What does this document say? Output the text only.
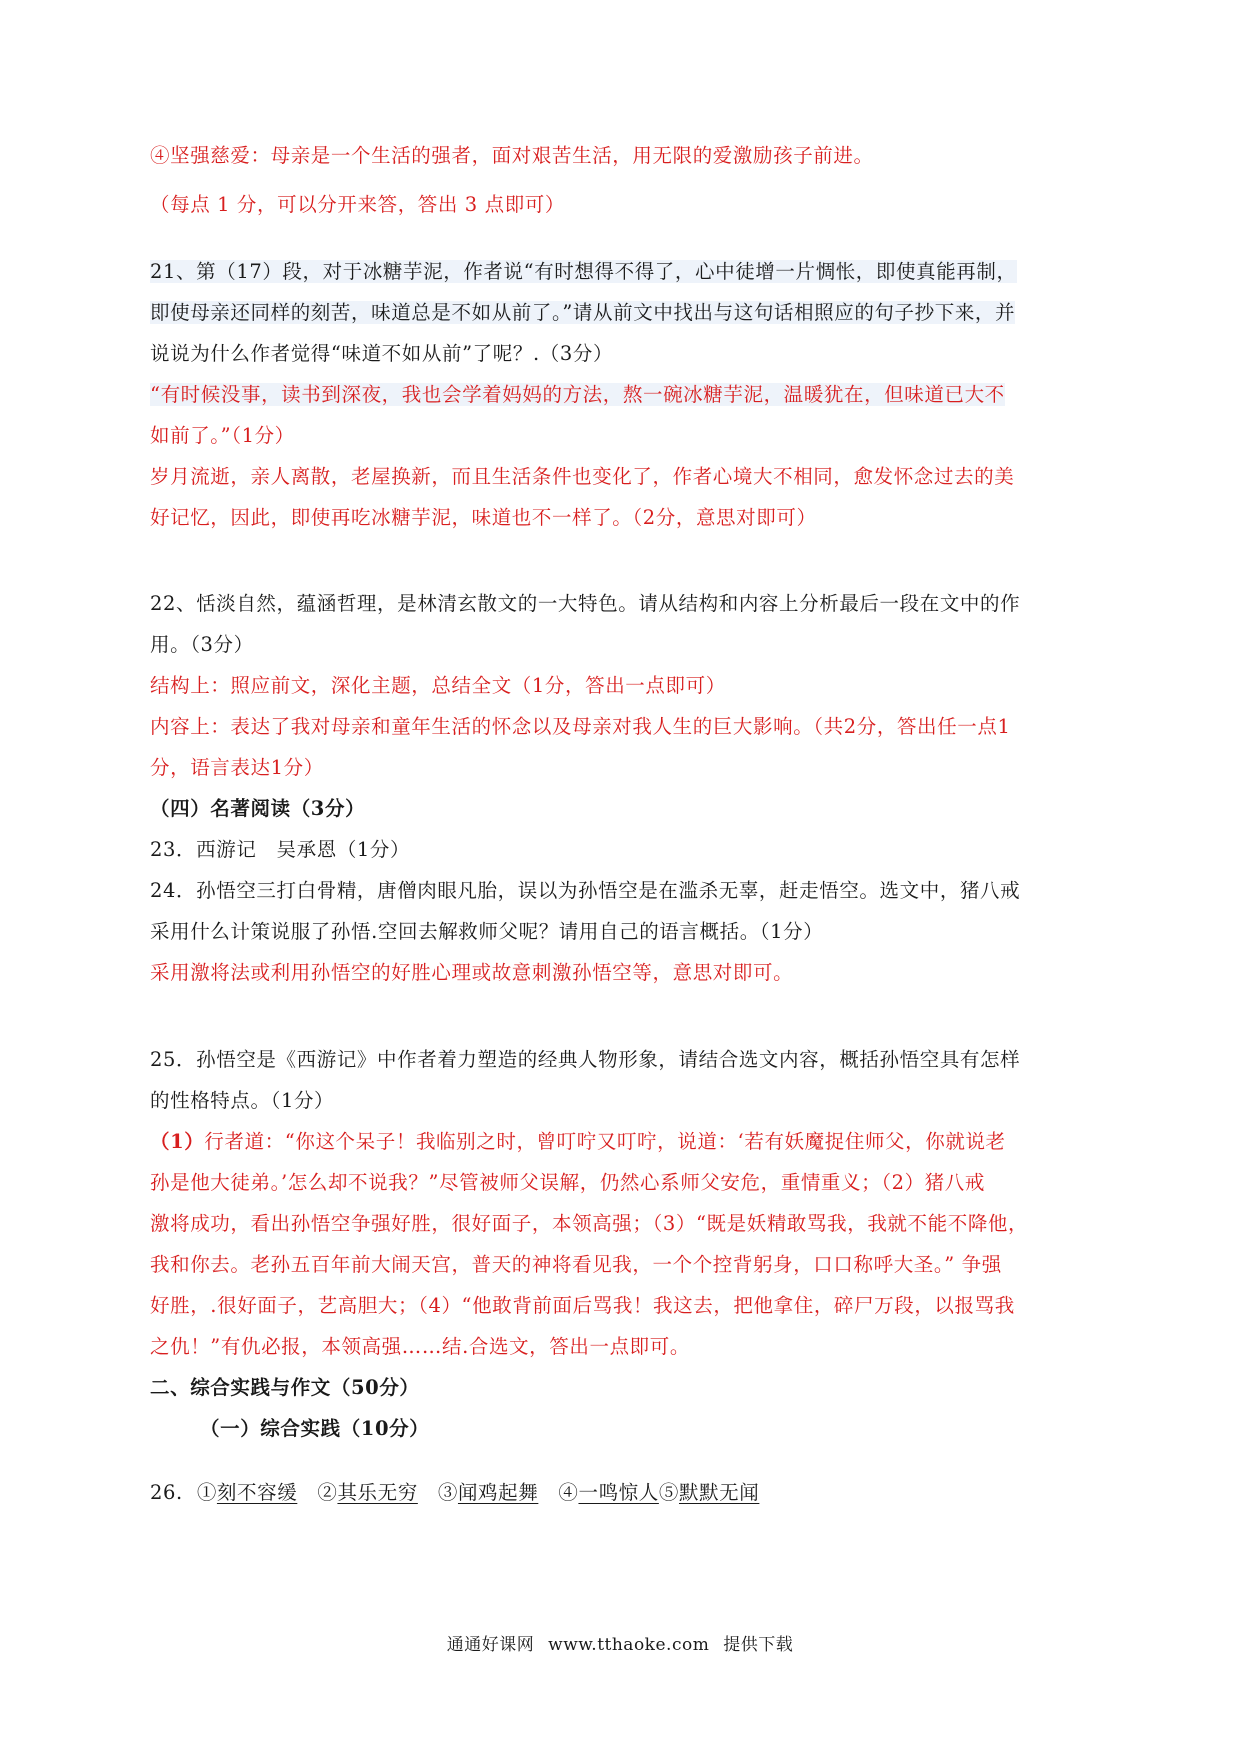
④坚强慈爱：母亲是一个生活的强者，面对艰苦生活，用无限的爱激励孩子前进。
（每点 1 分，可以分开来答，答出 3 点即可）
21、第（17）段，对于冰糖芋泥，作者说“有时想得不得了，心中徒增一片惆怅，即使真能再制，
即使母亲还同样的刻苦，味道总是不如从前了。”请从前文中找出与这句话相照应的句子抄下来，并
说说为什么作者觉得“味道不如从前”了呢？.（3分）
“有时候没事，读书到深夜，我也会学着妈妈的方法，熬一碗冰糖芋泥，温暖犹在，但味道已大不
如前了。”（1分）
岁月流逝，亲人离散，老屋换新，而且生活条件也变化了，作者心境大不相同，愈发怀念过去的美
好记忆，因此，即使再吃冰糖芋泥，味道也不一样了。（2分，意思对即可）
22、恬淡自然，蕴涵哲理，是林清玄散文的一大特色。请从结构和内容上分析最后一段在文中的作
用。（3分）
结构上：照应前文，深化主题，总结全文（1分，答出一点即可）
内容上：表达了我对母亲和童年生活的怀念以及母亲对我人生的巨大影响。（共2分，答出任一点1
分，语言表达1分）
（四）名著阅读（3分）
23．西游记　吴承恩（1分）
24．孙悟空三打白骨精，唐僧肉眼凡胎，误以为孙悟空是在滥杀无辜，赶走悟空。选文中，猪八戒
采用什么计策说服了孙悟.空回去解救师父呢？请用自己的语言概括。（1分）
采用激将法或利用孙悟空的好胜心理或故意刺激孙悟空等，意思对即可。
25．孙悟空是《西游记》中作者着力塑造的经典人物形象，请结合选文内容，概括孙悟空具有怎样
的性格特点。（1分）
（1）行者道：“你这个呆子！我临别之时，曾叮咛又叮咛，说道：‘若有妖魔捉住师父，你就说老
孙是他大徒弟。’怎么却不说我？”尽管被师父误解，仍然心系师父安危，重情重义；（2）猪八戒
激将成功，看出孙悟空争强好胜，很好面子，本领高强；（3）“既是妖精敢骂我，我就不能不降他，
我和你去。老孙五百年前大闹天宫，普天的神将看见我，一个个控背躬身，口口称呼大圣。” 争强
好胜，.很好面子，艺高胆大；（4）“他敢背前面后骂我！我这去，把他拿住，碎尸万段，以报骂我
之仇！”有仇必报，本领高强……结.合选文，答出一点即可。
二、综合实践与作文（50分）
（一）综合实践（10分）
26. ①刻不容缓 ②其乐无穷 ③闻鸡起舞 ④一鸣惊人⑤默默无闻
通通好课网 www.tthaoke.com 提供下载
